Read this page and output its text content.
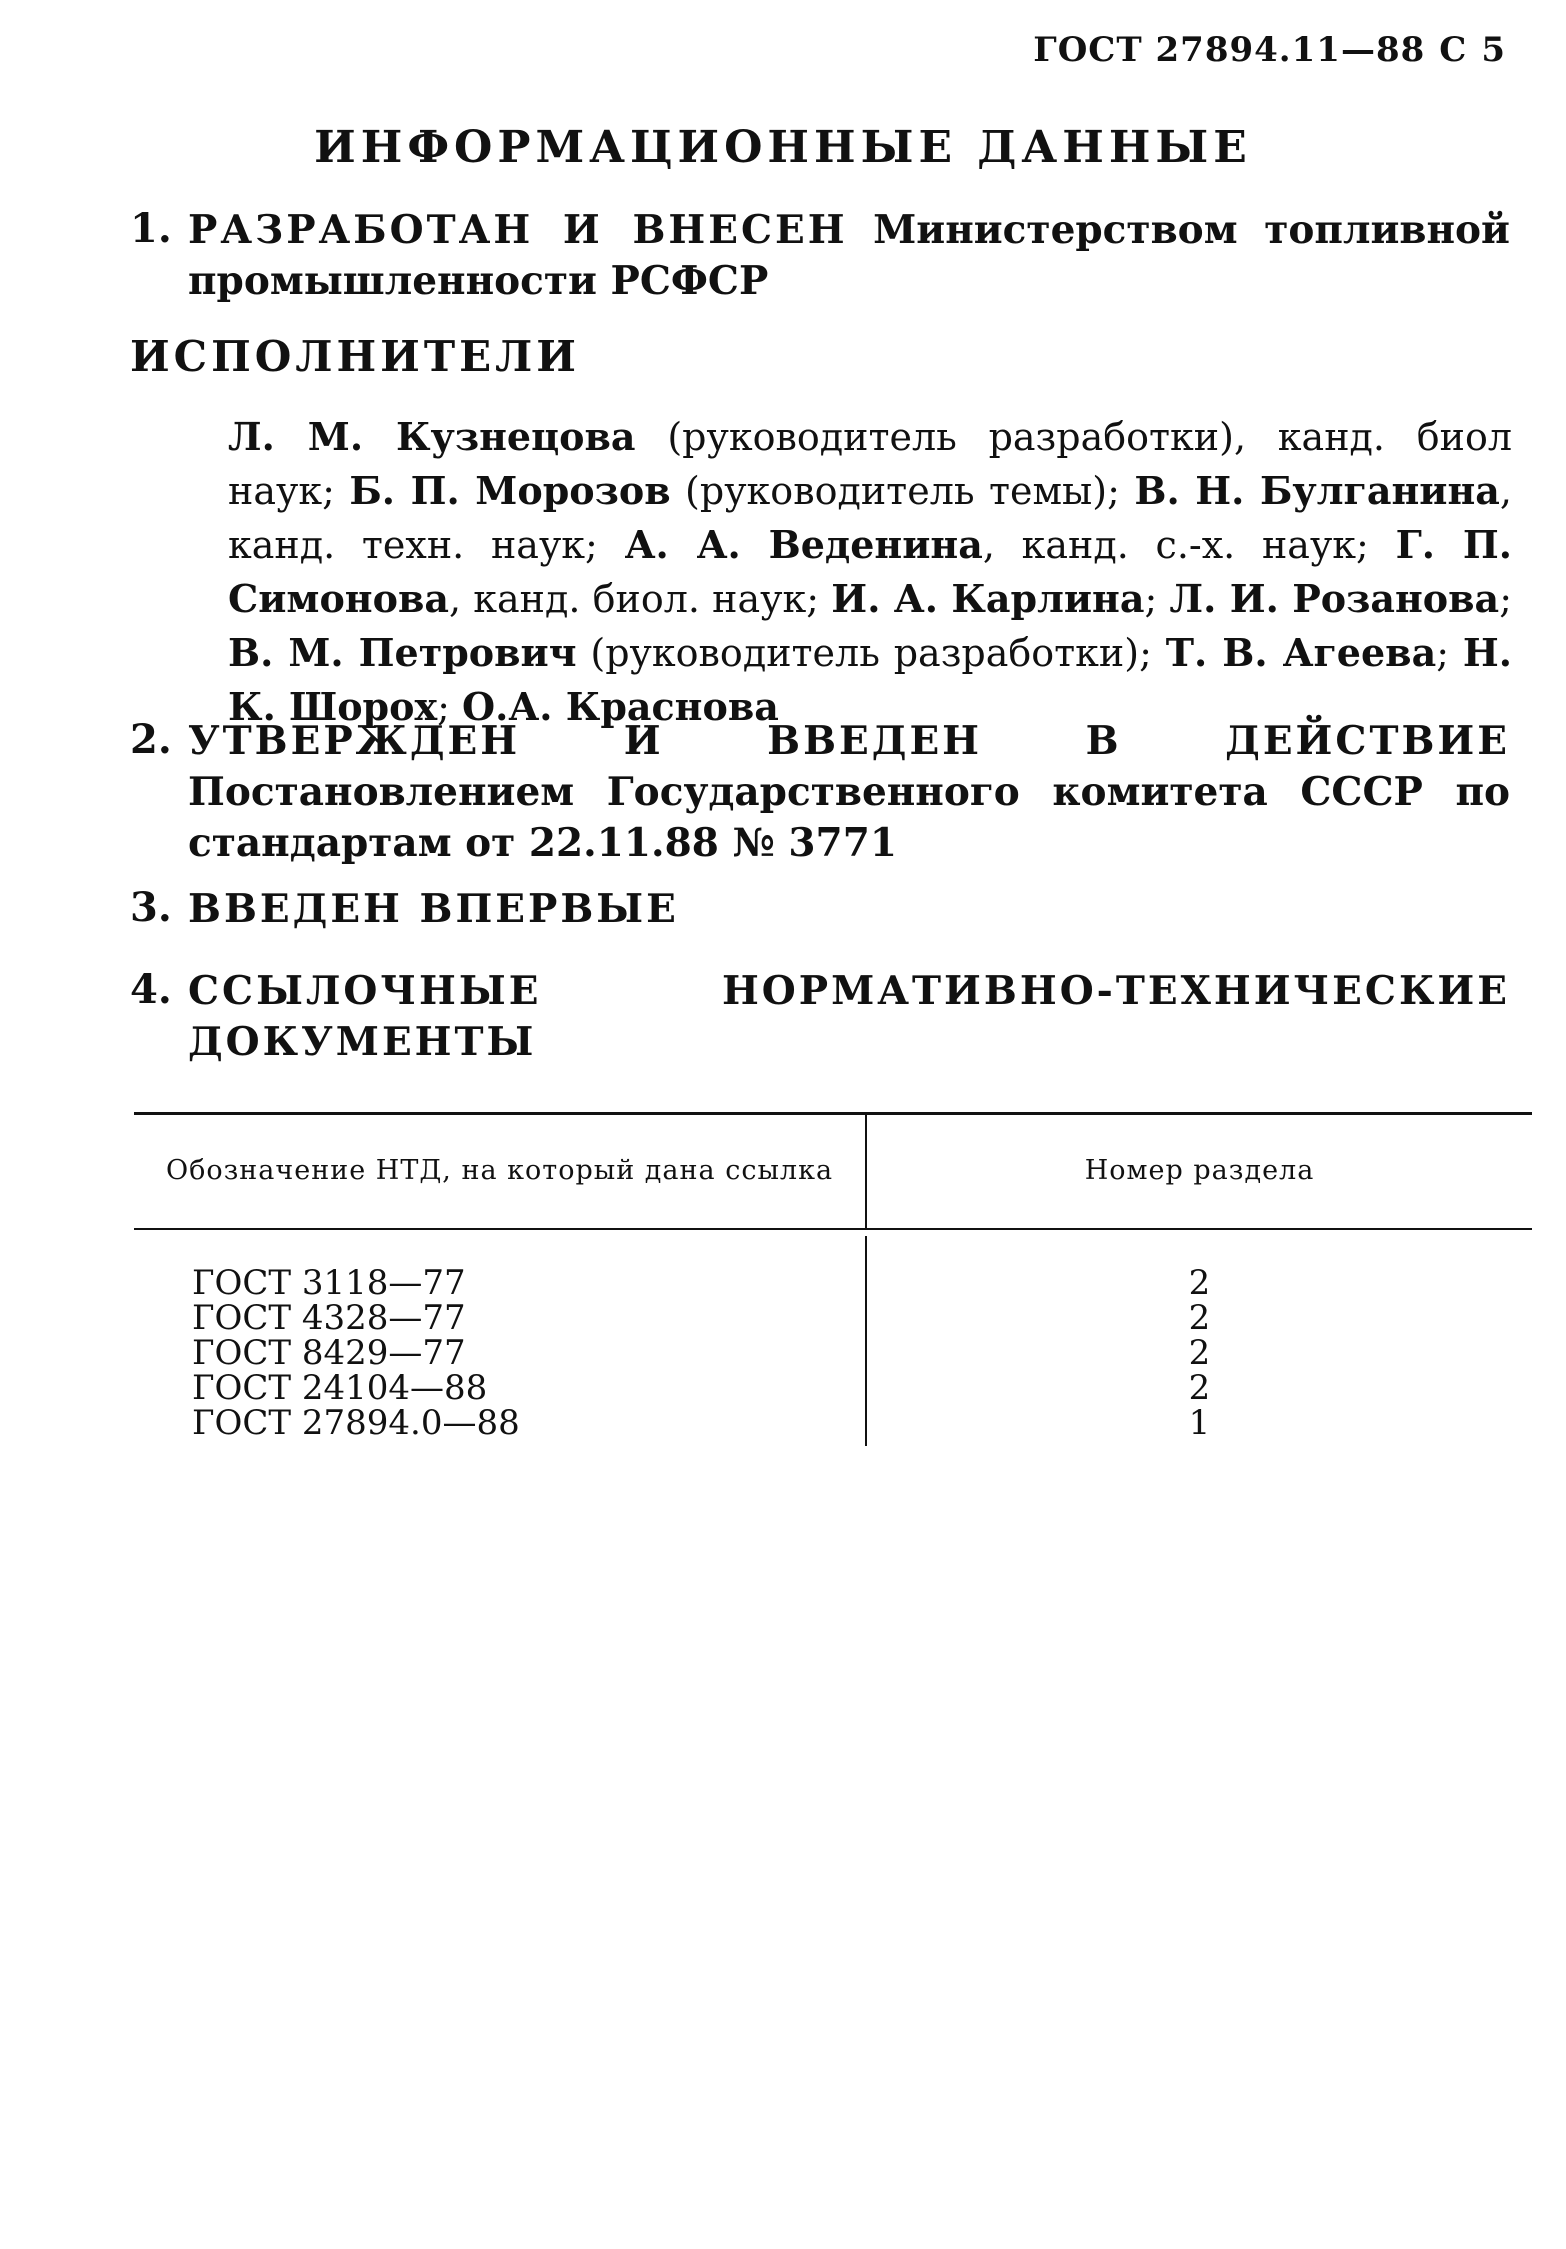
ГОСТ 27894.11—88 С 5
ИНФОРМАЦИОННЫЕ ДАННЫЕ
1. РАЗРАБОТАН И ВНЕСЕН Министерством топливной промышленности РСФСР
ИСПОЛНИТЕЛИ
Л. М. Кузнецова (руководитель разработки), канд. биол наук; Б. П. Морозов (руководитель темы); В. Н. Булганина, канд. техн. наук; А. А. Веденина, канд. с.-х. наук; Г. П. Симонова, канд. биол. наук; И. А. Карлина; Л. И. Розанова; В. М. Петрович (руководитель разработки); Т. В. Агеева; Н. К. Шорох; О.А. Краснова
2. УТВЕРЖДЕН И ВВЕДЕН В ДЕЙСТВИЕ Постановлением Государственного комитета СССР по стандартам от 22.11.88 № 3771
3. ВВЕДЕН ВПЕРВЫЕ
4. ССЫЛОЧНЫЕ НОРМАТИВНО-ТЕХНИЧЕСКИЕ ДОКУМЕНТЫ
Обозначение НТД, на который дана ссылка	Номер раздела
ГОСТ 3118—77
ГОСТ 4328—77
ГОСТ 8429—77
ГОСТ 24104—88
ГОСТ 27894.0—88
2
2
2
2
1
